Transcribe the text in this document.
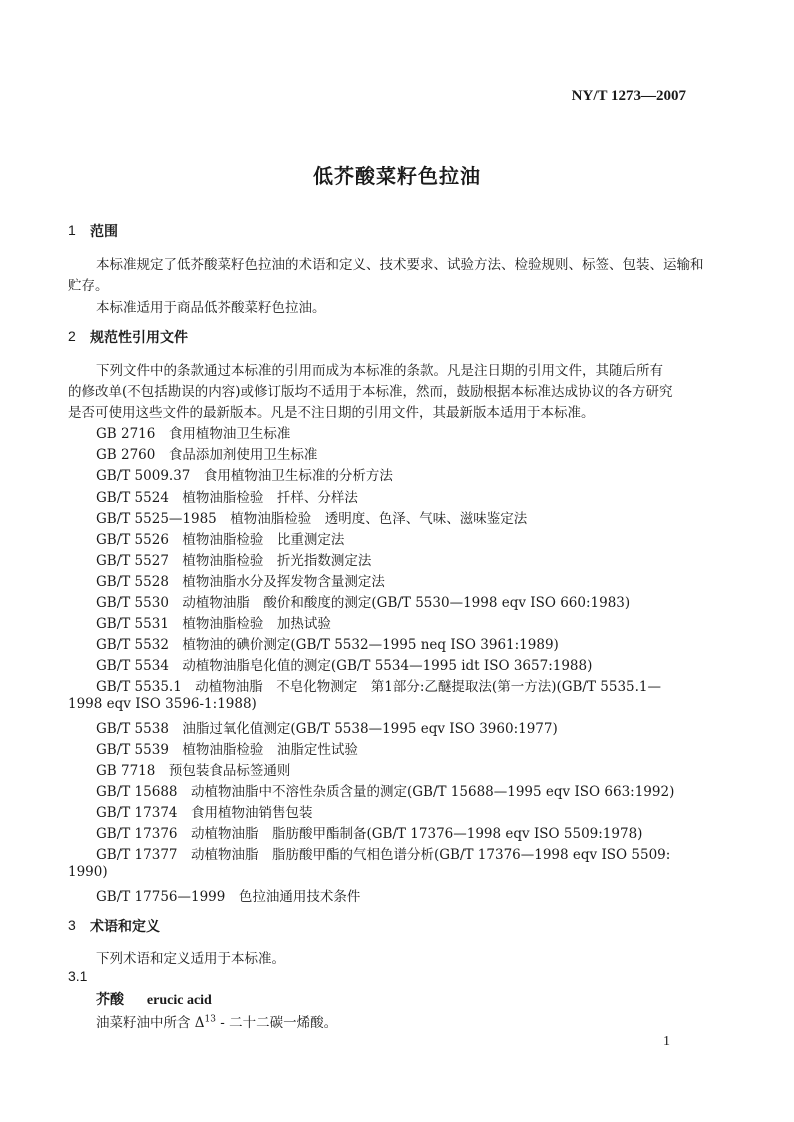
NY/T 1273—2007
低芥酸菜籽色拉油
1 范围
本标准规定了低芥酸菜籽色拉油的术语和定义、技术要求、试验方法、检验规则、标签、包装、运输和
贮存。
本标准适用于商品低芥酸菜籽色拉油。
2 规范性引用文件
下列文件中的条款通过本标准的引用而成为本标准的条款。凡是注日期的引用文件，其随后所有
的修改单(不包括勘误的内容)或修订版均不适用于本标准，然而，鼓励根据本标准达成协议的各方研究
是否可使用这些文件的最新版本。凡是不注日期的引用文件，其最新版本适用于本标准。
GB 2716　食用植物油卫生标准
GB 2760　食品添加剂使用卫生标准
GB/T 5009.37　食用植物油卫生标准的分析方法
GB/T 5524　植物油脂检验　扦样、分样法
GB/T 5525—1985　植物油脂检验　透明度、色泽、气味、滋味鉴定法
GB/T 5526　植物油脂检验　比重测定法
GB/T 5527　植物油脂检验　折光指数测定法
GB/T 5528　植物油脂水分及挥发物含量测定法
GB/T 5530　动植物油脂　酸价和酸度的测定(GB/T 5530—1998 eqv ISO 660:1983)
GB/T 5531　植物油脂检验　加热试验
GB/T 5532　植物油的碘价测定(GB/T 5532—1995 neq ISO 3961:1989)
GB/T 5534　动植物油脂皂化值的测定(GB/T 5534—1995 idt ISO 3657:1988)
GB/T 5535.1　动植物油脂　不皂化物测定　第1部分:乙醚提取法(第一方法)(GB/T 5535.1—
1998 eqv ISO 3596-1:1988)
GB/T 5538　油脂过氧化值测定(GB/T 5538—1995 eqv ISO 3960:1977)
GB/T 5539　植物油脂检验　油脂定性试验
GB 7718　预包装食品标签通则
GB/T 15688　动植物油脂中不溶性杂质含量的测定(GB/T 15688—1995 eqv ISO 663:1992)
GB/T 17374　食用植物油销售包装
GB/T 17376　动植物油脂　脂肪酸甲酯制备(GB/T 17376—1998 eqv ISO 5509:1978)
GB/T 17377　动植物油脂　脂肪酸甲酯的气相色谱分析(GB/T 17376—1998 eqv ISO 5509:
1990)
GB/T 17756—1999　色拉油通用技术条件
3 术语和定义
下列术语和定义适用于本标准。
3.1
芥酸 erucic acid
油菜籽油中所含 $\Delta^{13}$ - 二十二碳一烯酸。
1
